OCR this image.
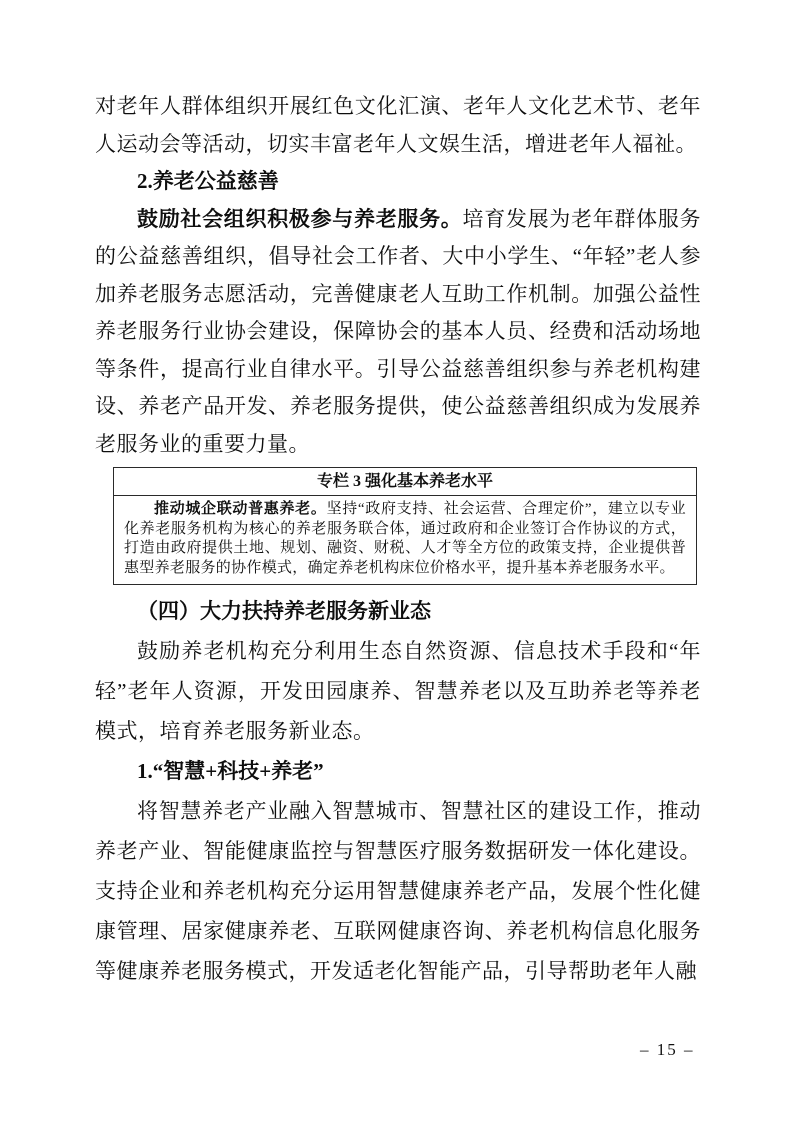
对老年人群体组织开展红色文化汇演、老年人文化艺术节、老年人运动会等活动，切实丰富老年人文娱生活，增进老年人福祉。

2.养老公益慈善

鼓励社会组织积极参与养老服务。培育发展为老年群体服务的公益慈善组织，倡导社会工作者、大中小学生、“年轻”老人参加养老服务志愿活动，完善健康老人互助工作机制。加强公益性养老服务行业协会建设，保障协会的基本人员、经费和活动场地等条件，提高行业自律水平。引导公益慈善组织参与养老机构建设、养老产品开发、养老服务提供，使公益慈善组织成为发展养老服务业的重要力量。

专栏 3 强化基本养老水平
推动城企联动普惠养老。坚持“政府支持、社会运营、合理定价”，建立以专业化养老服务机构为核心的养老服务联合体，通过政府和企业签订合作协议的方式，打造由政府提供土地、规划、融资、财税、人才等全方位的政策支持，企业提供普惠型养老服务的协作模式，确定养老机构床位价格水平，提升基本养老服务水平。
（四）大力扶持养老服务新业态

鼓励养老机构充分利用生态自然资源、信息技术手段和“年轻”老年人资源，开发田园康养、智慧养老以及互助养老等养老模式，培育养老服务新业态。

1.“智慧+科技+养老”

将智慧养老产业融入智慧城市、智慧社区的建设工作，推动养老产业、智能健康监控与智慧医疗服务数据研发一体化建设。支持企业和养老机构充分运用智慧健康养老产品，发展个性化健康管理、居家健康养老、互联网健康咨询、养老机构信息化服务等健康养老服务模式，开发适老化智能产品，引导帮助老年人融

– 15 –
